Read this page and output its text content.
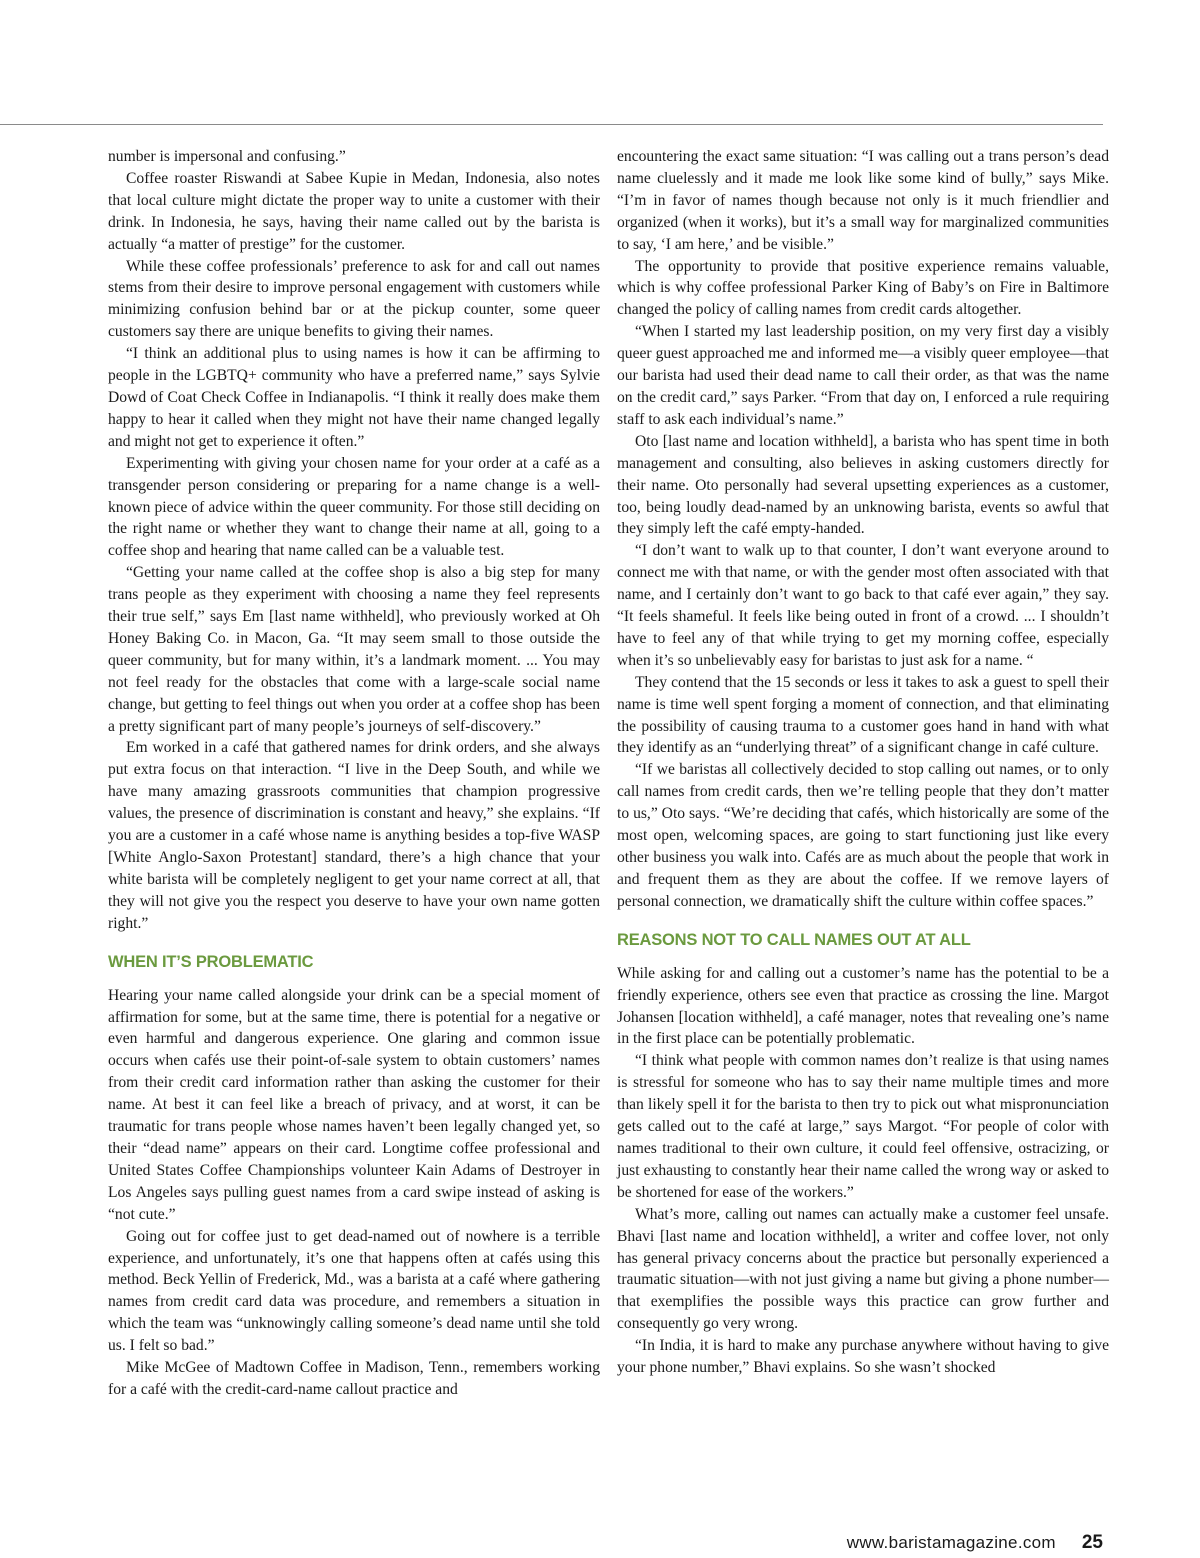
number is impersonal and confusing.”

Coffee roaster Riswandi at Sabee Kupie in Medan, Indonesia, also notes that local culture might dictate the proper way to unite a customer with their drink. In Indonesia, he says, having their name called out by the barista is actually “a matter of prestige” for the customer.

While these coffee professionals’ preference to ask for and call out names stems from their desire to improve personal engagement with customers while minimizing confusion behind bar or at the pickup counter, some queer customers say there are unique benefits to giving their names.

“I think an additional plus to using names is how it can be affirming to people in the LGBTQ+ community who have a preferred name,” says Sylvie Dowd of Coat Check Coffee in Indianapolis. “I think it really does make them happy to hear it called when they might not have their name changed legally and might not get to experience it often.”

Experimenting with giving your chosen name for your order at a café as a transgender person considering or preparing for a name change is a well-known piece of advice within the queer community. For those still deciding on the right name or whether they want to change their name at all, going to a coffee shop and hearing that name called can be a valuable test.

“Getting your name called at the coffee shop is also a big step for many trans people as they experiment with choosing a name they feel represents their true self,” says Em [last name withheld], who previously worked at Oh Honey Baking Co. in Macon, Ga. “It may seem small to those outside the queer community, but for many within, it’s a landmark moment. ... You may not feel ready for the obstacles that come with a large-scale social name change, but getting to feel things out when you order at a coffee shop has been a pretty significant part of many people’s journeys of self-discovery.”

Em worked in a café that gathered names for drink orders, and she always put extra focus on that interaction. “I live in the Deep South, and while we have many amazing grassroots communities that champion progressive values, the presence of discrimination is constant and heavy,” she explains. “If you are a customer in a café whose name is anything besides a top-five WASP [White Anglo-Saxon Protestant] standard, there’s a high chance that your white barista will be completely negligent to get your name correct at all, that they will not give you the respect you deserve to have your own name gotten right.”

WHEN IT’S PROBLEMATIC

Hearing your name called alongside your drink can be a special moment of affirmation for some, but at the same time, there is potential for a negative or even harmful and dangerous experience. One glaring and common issue occurs when cafés use their point-of-sale system to obtain customers’ names from their credit card information rather than asking the customer for their name. At best it can feel like a breach of privacy, and at worst, it can be traumatic for trans people whose names haven’t been legally changed yet, so their “dead name” appears on their card. Longtime coffee professional and United States Coffee Championships volunteer Kain Adams of Destroyer in Los Angeles says pulling guest names from a card swipe instead of asking is “not cute.”

Going out for coffee just to get dead-named out of nowhere is a terrible experience, and unfortunately, it’s one that happens often at cafés using this method. Beck Yellin of Frederick, Md., was a barista at a café where gathering names from credit card data was procedure, and remembers a situation in which the team was “unknowingly calling someone’s dead name until she told us. I felt so bad.”

Mike McGee of Madtown Coffee in Madison, Tenn., remembers working for a café with the credit-card-name callout practice and

encountering the exact same situation: “I was calling out a trans person’s dead name cluelessly and it made me look like some kind of bully,” says Mike. “I’m in favor of names though because not only is it much friendlier and organized (when it works), but it’s a small way for marginalized communities to say, ‘I am here,’ and be visible.”

The opportunity to provide that positive experience remains valuable, which is why coffee professional Parker King of Baby’s on Fire in Baltimore changed the policy of calling names from credit cards altogether.

“When I started my last leadership position, on my very first day a visibly queer guest approached me and informed me—a visibly queer employee—that our barista had used their dead name to call their order, as that was the name on the credit card,” says Parker. “From that day on, I enforced a rule requiring staff to ask each individual’s name.”

Oto [last name and location withheld], a barista who has spent time in both management and consulting, also believes in asking customers directly for their name. Oto personally had several upsetting experiences as a customer, too, being loudly dead-named by an unknowing barista, events so awful that they simply left the café empty-handed.

“I don’t want to walk up to that counter, I don’t want everyone around to connect me with that name, or with the gender most often associated with that name, and I certainly don’t want to go back to that café ever again,” they say. “It feels shameful. It feels like being outed in front of a crowd. ... I shouldn’t have to feel any of that while trying to get my morning coffee, especially when it’s so unbelievably easy for baristas to just ask for a name. “

They contend that the 15 seconds or less it takes to ask a guest to spell their name is time well spent forging a moment of connection, and that eliminating the possibility of causing trauma to a customer goes hand in hand with what they identify as an “underlying threat” of a significant change in café culture.

“If we baristas all collectively decided to stop calling out names, or to only call names from credit cards, then we’re telling people that they don’t matter to us,” Oto says. “We’re deciding that cafés, which historically are some of the most open, welcoming spaces, are going to start functioning just like every other business you walk into. Cafés are as much about the people that work in and frequent them as they are about the coffee. If we remove layers of personal connection, we dramatically shift the culture within coffee spaces.”

REASONS NOT TO CALL NAMES OUT AT ALL

While asking for and calling out a customer’s name has the potential to be a friendly experience, others see even that practice as crossing the line. Margot Johansen [location withheld], a café manager, notes that revealing one’s name in the first place can be potentially problematic.

“I think what people with common names don’t realize is that using names is stressful for someone who has to say their name multiple times and more than likely spell it for the barista to then try to pick out what mispronunciation gets called out to the café at large,” says Margot. “For people of color with names traditional to their own culture, it could feel offensive, ostracizing, or just exhausting to constantly hear their name called the wrong way or asked to be shortened for ease of the workers.”

What’s more, calling out names can actually make a customer feel unsafe. Bhavi [last name and location withheld], a writer and coffee lover, not only has general privacy concerns about the practice but personally experienced a traumatic situation—with not just giving a name but giving a phone number—that exemplifies the possible ways this practice can grow further and consequently go very wrong.

“In India, it is hard to make any purchase anywhere without having to give your phone number,” Bhavi explains. So she wasn’t shocked

www.baristamagazine.com 25
